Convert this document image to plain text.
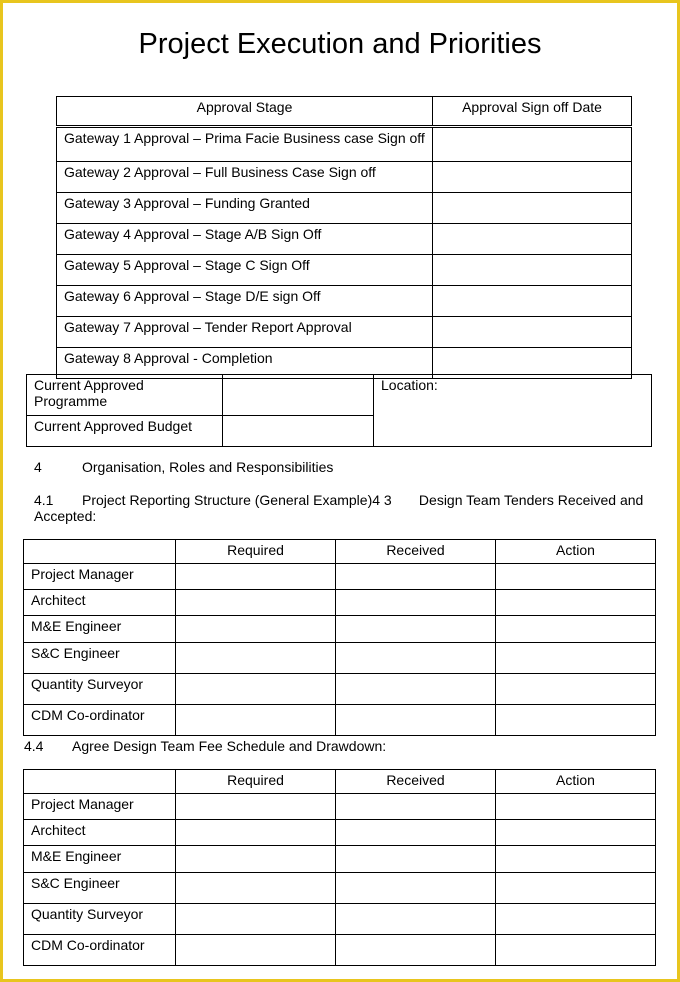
Project Execution and Priorities
Approval Stage	Approval Sign off Date
Gateway 1 Approval – Prima Facie Business case Sign off	
Gateway 2 Approval – Full Business Case Sign off	
Gateway 3 Approval – Funding Granted	
Gateway 4 Approval – Stage A/B Sign Off	
Gateway 5 Approval – Stage C Sign Off	
Gateway 6 Approval – Stage D/E sign Off	
Gateway 7 Approval – Tender Report Approval	
Gateway 8 Approval - Completion	
Current Approved Programme		Location:
Current Approved Budget		
4	Organisation, Roles and Responsibilities
4.1	Project Reporting Structure (General Example)4 3       Design Team Tenders Received and Accepted:
	Required	Received	Action
Project Manager			
Architect			
M&E Engineer			
S&C Engineer			
Quantity Surveyor			
CDM Co-ordinator			
4.4 Agree Design Team Fee Schedule and Drawdown:
	Required	Received	Action
Project Manager			
Architect			
M&E Engineer			
S&C Engineer			
Quantity Surveyor			
CDM Co-ordinator			
